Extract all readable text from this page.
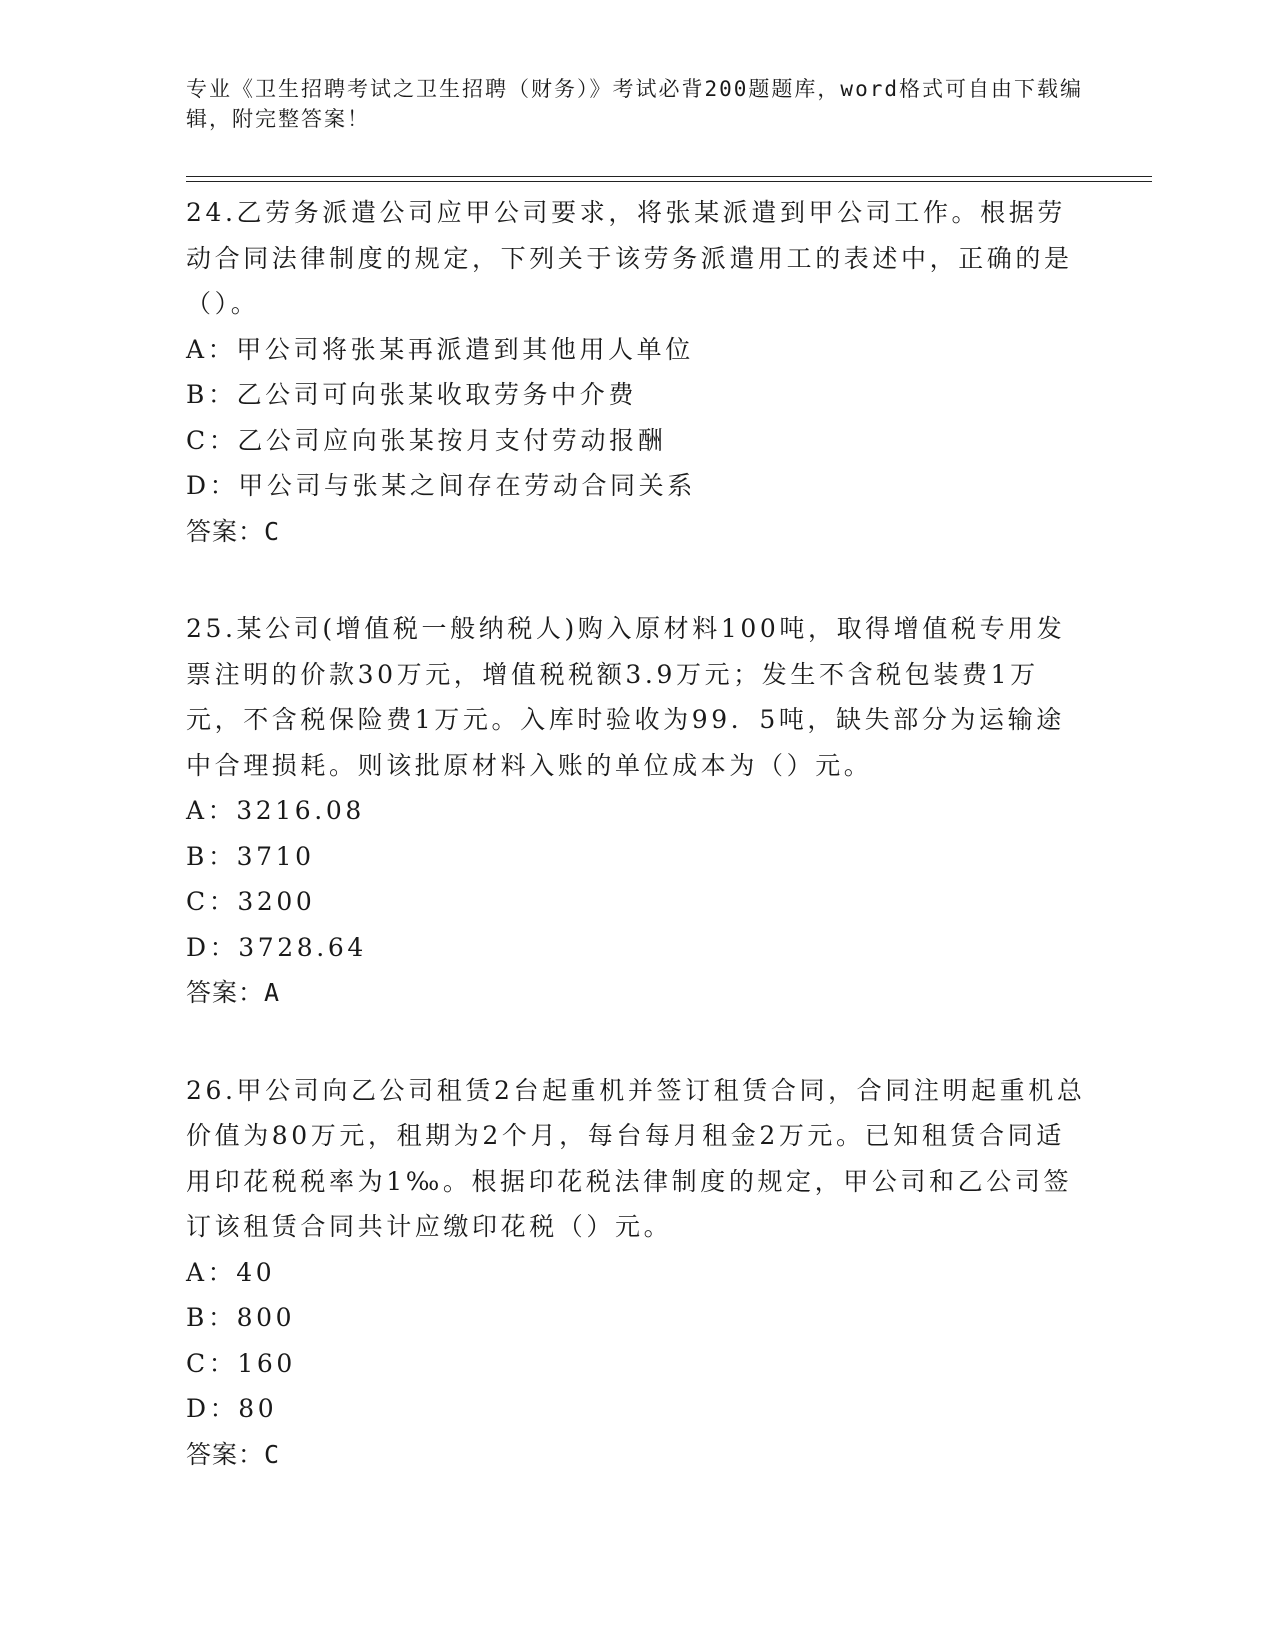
专业《卫生招聘考试之卫生招聘（财务）》考试必背200题题库，word格式可自由下载编辑，附完整答案！

24.乙劳务派遣公司应甲公司要求，将张某派遣到甲公司工作。根据劳动合同法律制度的规定，下列关于该劳务派遣用工的表述中，正确的是（）。

A：甲公司将张某再派遣到其他用人单位

B：乙公司可向张某收取劳务中介费

C：乙公司应向张某按月支付劳动报酬

D：甲公司与张某之间存在劳动合同关系

答案：C

25.某公司(增值税一般纳税人)购入原材料100吨，取得增值税专用发票注明的价款30万元，增值税税额3.9万元；发生不含税包装费1万元，不含税保险费1万元。入库时验收为99．5吨，缺失部分为运输途中合理损耗。则该批原材料入账的单位成本为（）元。

A：3216.08

B：3710

C：3200

D：3728.64

答案：A

26.甲公司向乙公司租赁2台起重机并签订租赁合同，合同注明起重机总价值为80万元，租期为2个月，每台每月租金2万元。已知租赁合同适用印花税税率为1‰。根据印花税法律制度的规定，甲公司和乙公司签订该租赁合同共计应缴印花税（）元。

A：40

B：800

C：160

D：80

答案：C
